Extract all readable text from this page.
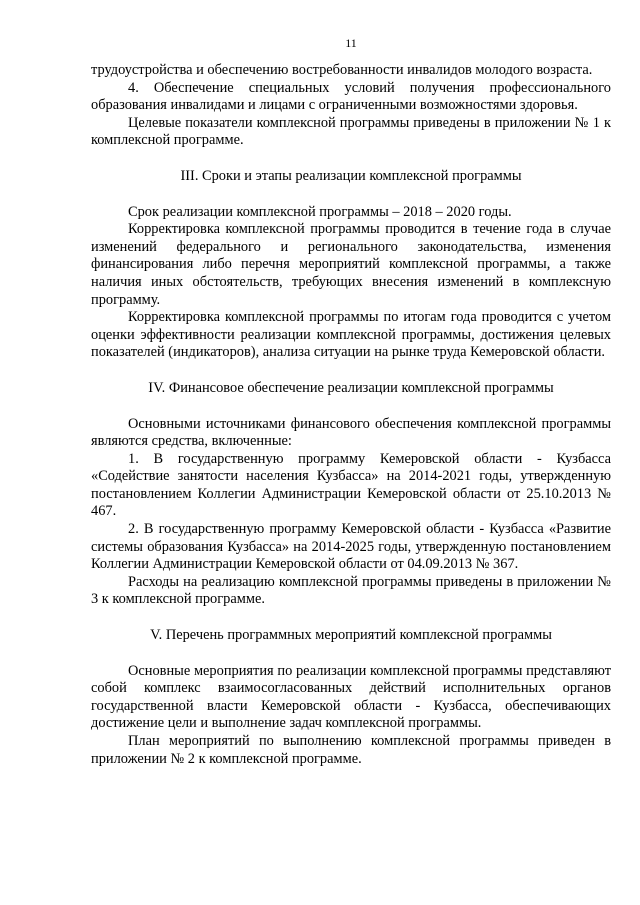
11

трудоустройства и обеспечению востребованности инвалидов молодого возраста.

4. Обеспечение специальных условий получения профессионального образования инвалидами и лицами с ограниченными возможностями здоровья.

Целевые показатели комплексной программы приведены в приложении № 1 к комплексной программе.

III. Сроки и этапы реализации комплексной программы

Срок реализации комплексной программы – 2018 – 2020 годы.

Корректировка комплексной программы проводится в течение года в случае изменений федерального и регионального законодательства, изменения финансирования либо перечня мероприятий комплексной программы, а также наличия иных обстоятельств, требующих внесения изменений в комплексную программу.

Корректировка комплексной программы по итогам года проводится с учетом оценки эффективности реализации комплексной программы, достижения целевых показателей (индикаторов), анализа ситуации на рынке труда Кемеровской области.

IV. Финансовое обеспечение реализации комплексной программы

Основными источниками финансового обеспечения комплексной программы являются средства, включенные:

1. В государственную программу Кемеровской области - Кузбасса «Содействие занятости населения Кузбасса» на 2014-2021 годы, утвержденную постановлением Коллегии Администрации Кемеровской области от 25.10.2013 № 467.

2. В государственную программу Кемеровской области - Кузбасса «Развитие системы образования Кузбасса» на 2014-2025 годы, утвержденную постановлением Коллегии Администрации Кемеровской области от 04.09.2013 № 367.

Расходы на реализацию комплексной программы приведены в приложении № 3 к комплексной программе.

V. Перечень программных мероприятий комплексной программы

Основные мероприятия по реализации комплексной программы представляют собой комплекс взаимосогласованных действий исполнительных органов государственной власти Кемеровской области - Кузбасса, обеспечивающих достижение цели и выполнение задач комплексной программы.

План мероприятий по выполнению комплексной программы приведен в приложении № 2 к комплексной программе.
